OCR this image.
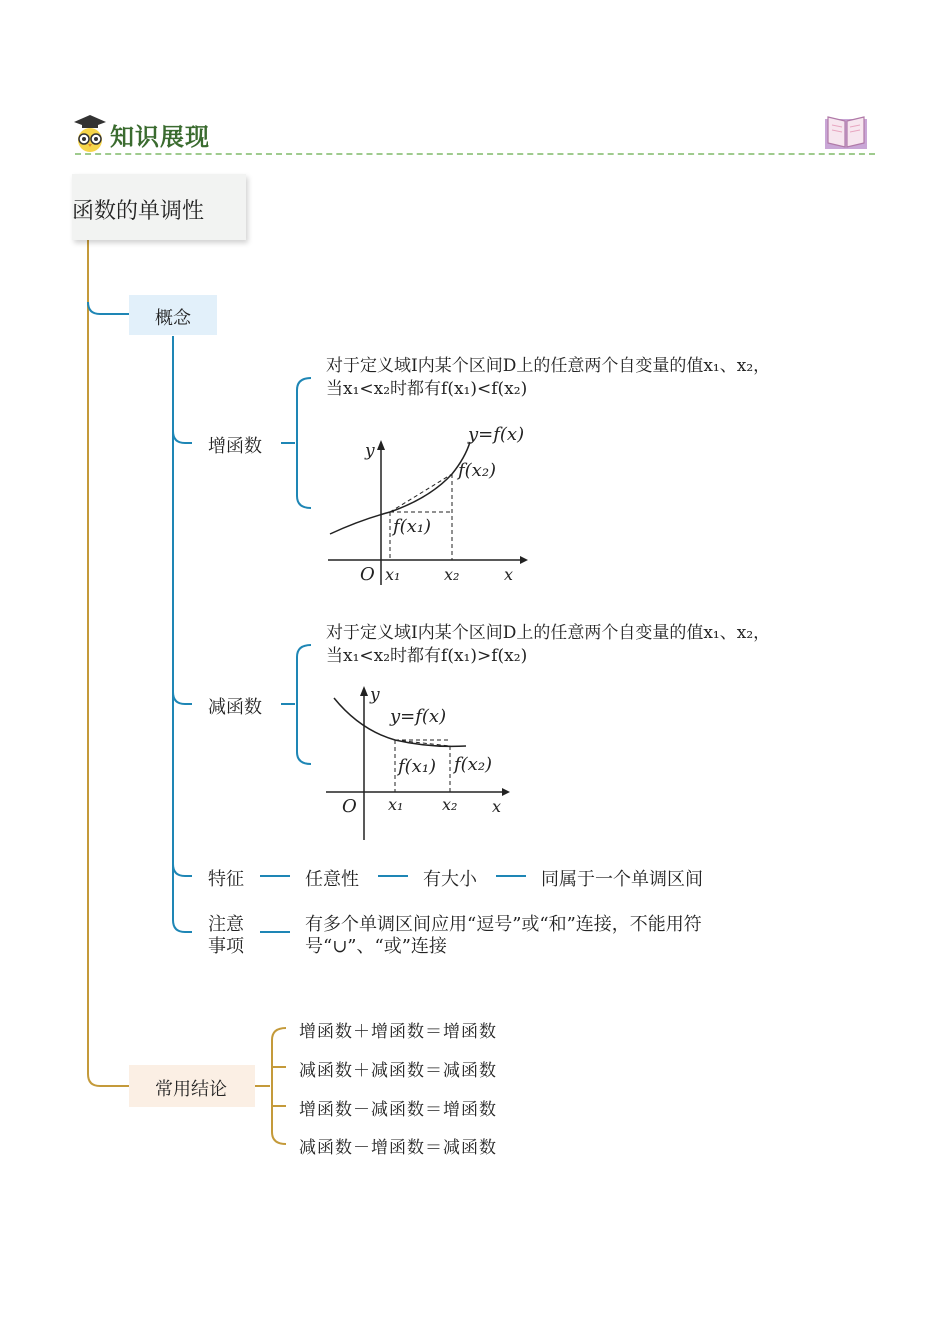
知识展现
函数的单调性
概念
增函数
对于定义域I内某个区间D上的任意两个自变量的值x₁、x₂，
当x₁<x₂时都有f(x₁)<f(x₂)
y
y=f(x)
f(x₂)
f(x₁)
O x₁	x₂	x
减函数
对于定义域I内某个区间D上的任意两个自变量的值x₁、x₂，
当x₁<x₂时都有f(x₁)>f(x₂)
y
y=f(x)
f(x₁) f(x₂)
O x₁ x₂ x
特征	任意性	有大小	同属于一个单调区间
注意
事项
有多个单调区间应用“逗号”或“和”连接，不能用符
号“∪”、“或”连接
常用结论
增函数＋增函数＝增函数
减函数＋减函数＝减函数
增函数－减函数＝增函数
减函数－增函数＝减函数
